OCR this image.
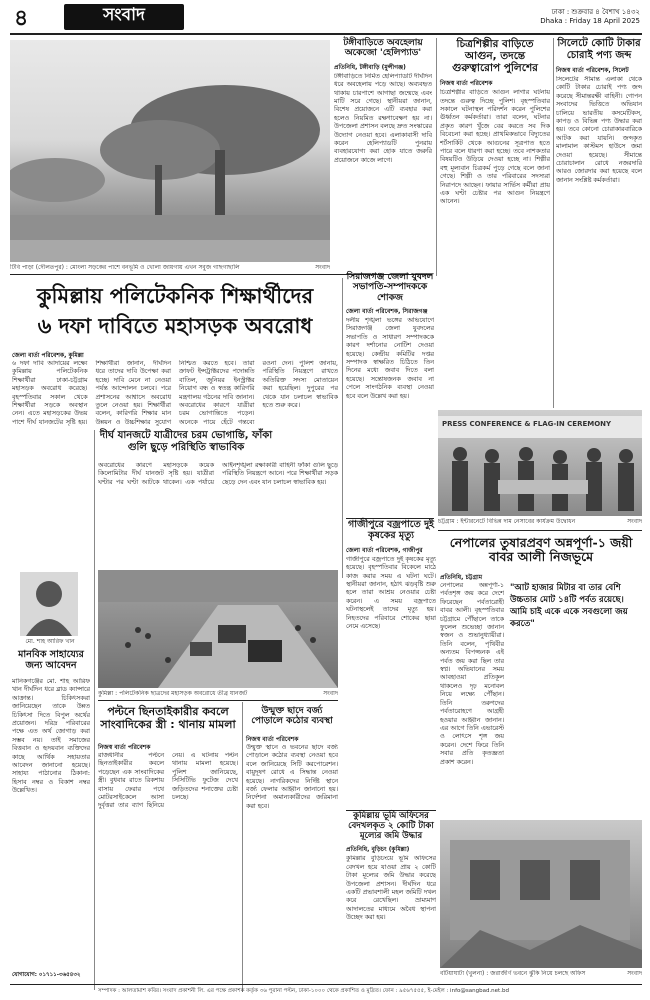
৪	সংবাদ	ঢাকা : শুক্রবার ৪ বৈশাখ ১৪৩২
Dhaka : Friday 18 April 2025
টিবি পাড়া (দৌলতপুর) : মোংলা সড়কের পাশে বনভূমি ও খোলা জায়গায় এখন সবুজ গাছগাছালি	সংবাদ
টঙ্গীবাড়িতে অবহেলায় অকেজো 'হেলিপ্যাড'
প্রতিনিধি, টঙ্গীবাড়ি (মুন্সীগঞ্জ)
টঙ্গীবাড়িতে নির্মিত হেলিপ্যাডটি দীর্ঘদিন ধরে অবহেলায় পড়ে আছে। অব্যবহৃত থাকায় চারপাশে আগাছা জন্মেছে এবং মাটি সরে গেছে। স্থানীয়রা জানান, বিশেষ প্রয়োজনে এটি ব্যবহার করা হলেও নিয়মিত রক্ষণাবেক্ষণ হয় না। উপজেলা প্রশাসন বলছে দ্রুত সংস্কারের উদ্যোগ নেওয়া হবে। এলাকাবাসী দাবি করেন হেলিপ্যাডটি পুনরায় ব্যবহারযোগ্য করা হোক যাতে জরুরি প্রয়োজনে কাজে লাগে।
চিত্রশিল্পীর বাড়িতে আগুন, তদন্তে গুরুত্বারোপ পুলিশের
নিজস্ব বার্তা পরিবেশক
চিত্রশিল্পীর বাড়িতে আগুন লাগার ঘটনায় তদন্তে গুরুত্ব দিচ্ছে পুলিশ। বৃহস্পতিবার সকালে ঘটনাস্থল পরিদর্শন করেন পুলিশের ঊর্ধ্বতন কর্মকর্তারা। তারা বলেন, ঘটনার প্রকৃত কারণ খুঁজে বের করতে সব দিক বিবেচনা করা হচ্ছে। প্রাথমিকভাবে বিদ্যুতের শর্টসার্কিট থেকে আগুনের সূত্রপাত হতে পারে বলে ধারণা করা হচ্ছে। তবে নাশকতার বিষয়টিও উড়িয়ে দেওয়া হচ্ছে না। শিল্পীর বহু মূল্যবান চিত্রকর্ম পুড়ে গেছে বলে জানা গেছে। শিল্পী ও তার পরিবারের সদস্যরা নিরাপদে আছেন। ফায়ার সার্ভিস কর্মীরা প্রায় এক ঘণ্টা চেষ্টার পর আগুন নিয়ন্ত্রণে আনেন।
সিলেটে কোটি টাকার চোরাই পণ্য জব্দ
নিজস্ব বার্তা পরিবেশক, সিলেট
সিলেটের সীমান্ত এলাকা থেকে কোটি টাকার চোরাই পণ্য জব্দ করেছে সীমান্তরক্ষী বাহিনী। গোপন সংবাদের ভিত্তিতে অভিযান চালিয়ে ভারতীয় কসমেটিকস, কাপড় ও বিভিন্ন পণ্য উদ্ধার করা হয়। তবে কোনো চোরাকারবারিকে আটক করা যায়নি। জব্দকৃত মালামাল কাস্টমস হাউসে জমা দেওয়া হয়েছে। সীমান্তে চোরাচালান রোধে নজরদারি আরও জোরদার করা হয়েছে বলে জানান সংশ্লিষ্ট কর্মকর্তারা।
কুমিল্লায় পলিটেকনিক শিক্ষার্থীদের
৬ দফা দাবিতে মহাসড়ক অবরোধ
জেলা বার্তা পরিবেশক, কুমিল্লা
৬ দফা দাবি আদায়ের লক্ষ্যে কুমিল্লায় পলিটেকনিক শিক্ষার্থীরা ঢাকা-চট্টগ্রাম মহাসড়ক অবরোধ করেছে। বৃহস্পতিবার সকাল থেকে শিক্ষার্থীরা সড়কে অবস্থান নেন। এতে মহাসড়কের উভয় পাশে দীর্ঘ যানজটের সৃষ্টি হয়। শিক্ষার্থীরা জানান, দীর্ঘদিন ধরে তাদের দাবি উপেক্ষা করা হচ্ছে। দাবি মেনে না নেওয়া পর্যন্ত আন্দোলন চলবে। পরে প্রশাসনের আশ্বাসে অবরোধ তুলে নেওয়া হয়। শিক্ষার্থীরা বলেন, কারিগরি শিক্ষার মান উন্নয়ন ও উচ্চশিক্ষার সুযোগ নিশ্চিত করতে হবে। তারা ক্রাফট ইন্সট্রাক্টরদের পদোন্নতি বাতিল, জুনিয়র ইনস্ট্রাক্টর নিয়োগ বন্ধ ও স্বতন্ত্র কারিগরি মন্ত্রণালয় গঠনের দাবি জানান। অবরোধের কারণে যাত্রীরা চরম ভোগান্তিতে পড়েন। অনেকে পায়ে হেঁটে গন্তব্যে রওনা দেন। পুলিশ জানায়, পরিস্থিতি নিয়ন্ত্রণে রাখতে অতিরিক্ত সদস্য মোতায়েন করা হয়েছিল। দুপুরের পর থেকে যান চলাচল স্বাভাবিক হতে শুরু করে।
দীর্ঘ যানজটে যাত্রীদের চরম ভোগান্তি, ফাঁকা গুলি ছুড়ে পরিস্থিতি স্বাভাবিক
অবরোধের কারণে মহাসড়কে কয়েক কিলোমিটার দীর্ঘ যানজট সৃষ্টি হয়। যাত্রীরা ঘণ্টার পর ঘণ্টা আটকে থাকেন। এক পর্যায়ে আইনশৃঙ্খলা রক্ষাকারী বাহিনী ফাঁকা গুলি ছুড়ে পরিস্থিতি নিয়ন্ত্রণে আনে। পরে শিক্ষার্থীরা সড়ক ছেড়ে দেন এবং যান চলাচল স্বাভাবিক হয়।
সিরাজগঞ্জ জেলা যুবদল সভাপতি-সম্পাদককে শোকজ
জেলা বার্তা পরিবেশক, সিরাজগঞ্জ
দলীয় শৃঙ্খলা ভঙ্গের অভিযোগে সিরাজগঞ্জ জেলা যুবদলের সভাপতি ও সাধারণ সম্পাদককে কারণ দর্শানোর নোটিশ দেওয়া হয়েছে। কেন্দ্রীয় কমিটির দপ্তর সম্পাদক স্বাক্ষরিত চিঠিতে তিন দিনের মধ্যে জবাব দিতে বলা হয়েছে। সন্তোষজনক জবাব না পেলে সাংগঠনিক ব্যবস্থা নেওয়া হবে বলে উল্লেখ করা হয়।
PRESS CONFERENCE & FLAG-IN CEREMONY
চট্টগ্রাম : ইন্টারনেটে বিভিন্ন দাম নেসাবের কার্যক্রম উদ্বোধন	সংবাদ
গাজীপুরে বজ্রপাতে দুই কৃষকের মৃত্যু
জেলা বার্তা পরিবেশক, গাজীপুর
গাজীপুরে বজ্রপাতে দুই কৃষকের মৃত্যু হয়েছে। বৃহস্পতিবার বিকেলে মাঠে কাজ করার সময় এ ঘটনা ঘটে। স্থানীয়রা জানান, হঠাৎ ঝড়বৃষ্টি শুরু হলে তারা আশ্রয় নেওয়ার চেষ্টা করেন। এ সময় বজ্রপাতে ঘটনাস্থলেই তাদের মৃত্যু হয়। নিহতদের পরিবারে শোকের ছায়া নেমে এসেছে।
নেপালের তুষারপ্রবণ অন্নপূর্ণা-১ জয়ী বাবর আলী নিজভূমে
প্রতিনিধি, চট্টগ্রাম
নেপালের অন্নপূর্ণা-১ পর্বতশৃঙ্গ জয় করে দেশে ফিরেছেন পর্বতারোহী বাবর আলী। বৃহস্পতিবার চট্টগ্রামে পৌঁছালে তাকে ফুলেল শুভেচ্ছা জানান স্বজন ও শুভানুধ্যায়ীরা। তিনি বলেন, পৃথিবীর অন্যতম বিপজ্জনক এই পর্বত জয় করা ছিল তার স্বপ্ন। অভিযানের সময় আবহাওয়া প্রতিকূল থাকলেও দৃঢ় মনোবল নিয়ে লক্ষ্যে পৌঁছান। তিনি তরুণদের পর্বতারোহণে আগ্রহী হওয়ার আহ্বান জানান। এর আগে তিনি এভারেস্ট ও লোৎসে শৃঙ্গ জয় করেন। দেশে ফিরে তিনি সবার প্রতি কৃতজ্ঞতা প্রকাশ করেন।
"আট হাজার মিটার বা তার বেশি উচ্চতার মোট ১৪টি পর্বত রয়েছে। আমি চাই একে একে সবগুলো জয় করতে"
মো. শাহ আরিফ খান
মানবিক সাহায্যের জন্য আবেদন
মানিকগঞ্জের মো. শাহ আরিফ খান দীর্ঘদিন ধরে ব্লাড ক্যান্সারে আক্রান্ত। চিকিৎসকরা জানিয়েছেন তাকে উন্নত চিকিৎসা দিতে বিপুল অর্থের প্রয়োজন। দরিদ্র পরিবারের পক্ষে এত অর্থ জোগাড় করা সম্ভব নয়। তাই সমাজের বিত্তবান ও হৃদয়বান ব্যক্তিদের কাছে আর্থিক সহায়তার আবেদন জানানো হয়েছে। সাহায্য পাঠানোর ঠিকানা: হিসাব নম্বর ও বিকাশ নম্বর উল্লেখিত।
যোগাযোগ: ০১৭১১-৩৬৫৪৩২
কুমিল্লা : পলিটেকনিক ছাত্রদের মহাসড়ক অবরোধে তীব্র যানজট	সংবাদ
পল্টনে ছিনতাইকারীর কবলে সাংবাদিকের স্ত্রী : থানায় মামলা
নিজস্ব বার্তা পরিবেশক
রাজধানীর পল্টনে ছিনতাইকারীর কবলে পড়েছেন এক সাংবাদিকের স্ত্রী। বুধবার রাতে রিকশায় বাসায় ফেরার পথে মোটরসাইকেলে আসা দুর্বৃত্তরা তার ব্যাগ ছিনিয়ে নেয়। এ ঘটনায় পল্টন থানায় মামলা হয়েছে। পুলিশ জানিয়েছে, সিসিটিভি ফুটেজ দেখে জড়িতদের শনাক্তের চেষ্টা চলছে।
উন্মুক্ত ছাদে বর্জ্য পোড়ালে কঠোর ব্যবস্থা
নিজস্ব বার্তা পরিবেশক
উন্মুক্ত স্থানে ও ভবনের ছাদে বর্জ্য পোড়ালে কঠোর ব্যবস্থা নেওয়া হবে বলে জানিয়েছে সিটি করপোরেশন। বায়ুদূষণ রোধে এ সিদ্ধান্ত নেওয়া হয়েছে। নাগরিকদের নির্দিষ্ট স্থানে বর্জ্য ফেলার আহ্বান জানানো হয়। নির্দেশনা অমান্যকারীদের জরিমানা করা হবে।
কুমিল্লায় ভূমি অফিসের বেদখলকৃত ২ কোটি টাকা মূল্যের জমি উদ্ধার
প্রতিনিধি, বুড়িচং (কুমিল্লা)
কুমিল্লার বুড়িচংয়ে ভূমি অফিসের বেদখল হয়ে যাওয়া প্রায় ২ কোটি টাকা মূল্যের জমি উদ্ধার করেছে উপজেলা প্রশাসন। দীর্ঘদিন ধরে একটি প্রভাবশালী মহল জমিটি দখল করে রেখেছিল। ভ্রাম্যমাণ আদালতের মাধ্যমে অবৈধ স্থাপনা উচ্ছেদ করা হয়।
বটিয়াঘাটা (খুলনা) : জরাজীর্ণ ভবনে ঝুঁকি নিয়ে চলছে অফিস	সংবাদ
সম্পাদক : আলতামাশ কবির। সংবাদ প্রকাশনী লি. এর পক্ষে প্রকাশক কর্তৃক ৩৬ পুরানা পল্টন, ঢাকা-১০০০ থেকে প্রকাশিত ও মুদ্রিত। ফোন : ৯৫৬৭৫৫৫, ই-মেইল : info@sangbad.net.bd
